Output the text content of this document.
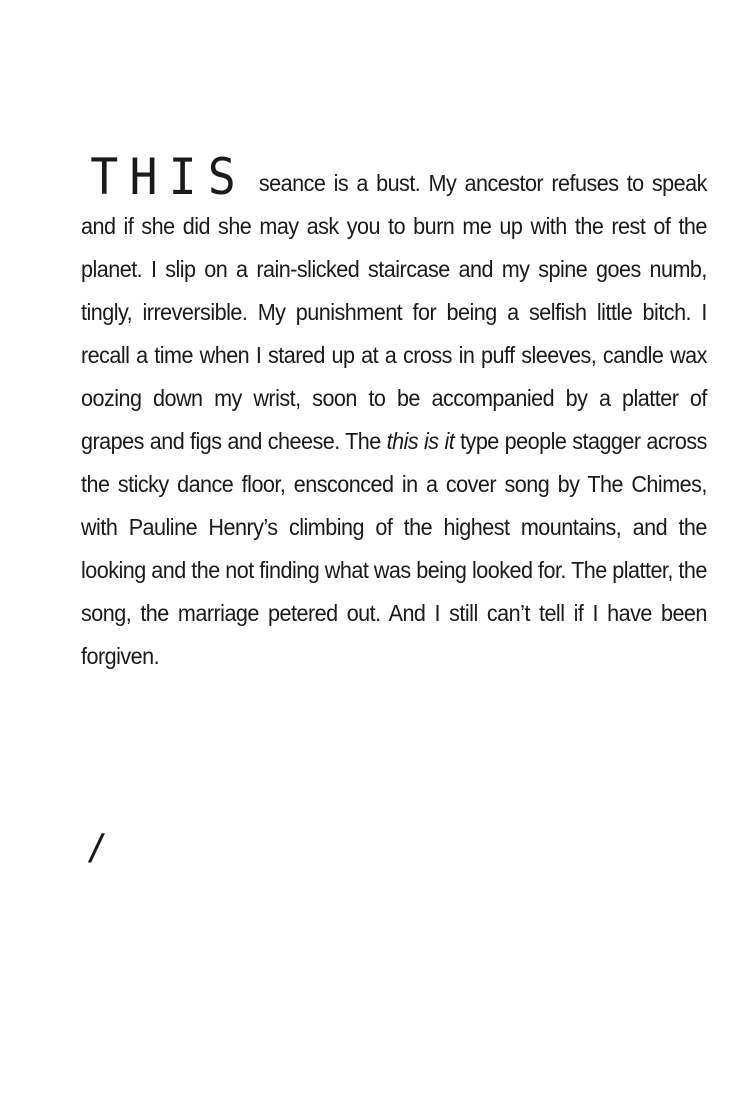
THIS seance is a bust. My ancestor refuses to speak and if she did she may ask you to burn me up with the rest of the planet. I slip on a rain-slicked staircase and my spine goes numb, tingly, irreversible. My punishment for being a selfish little bitch. I recall a time when I stared up at a cross in puff sleeves, candle wax oozing down my wrist, soon to be accompanied by a platter of grapes and figs and cheese. The this is it type people stagger across the sticky dance floor, ensconced in a cover song by The Chimes, with Pauline Henry’s climbing of the highest mountains, and the looking and the not finding what was being looked for. The platter, the song, the marriage petered out. And I still can’t tell if I have been forgiven.

/
